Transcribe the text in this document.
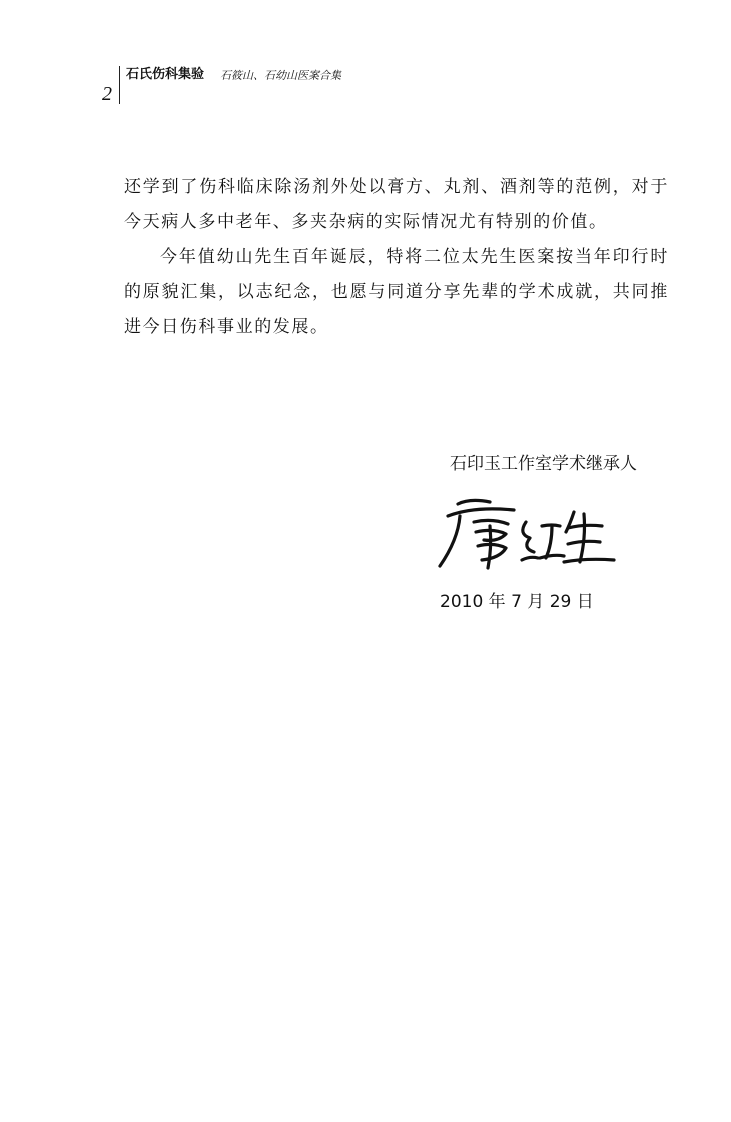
2
石氏伤科集验 石筱山、石幼山医案合集

还学到了伤科临床除汤剂外处以膏方、丸剂、酒剂等的范例，对于今天病人多中老年、多夹杂病的实际情况尤有特别的价值。

今年值幼山先生百年诞辰，特将二位太先生医案按当年印行时的原貌汇集，以志纪念，也愿与同道分享先辈的学术成就，共同推进今日伤科事业的发展。

石印玉工作室学术继承人
2010 年 7 月 29 日
